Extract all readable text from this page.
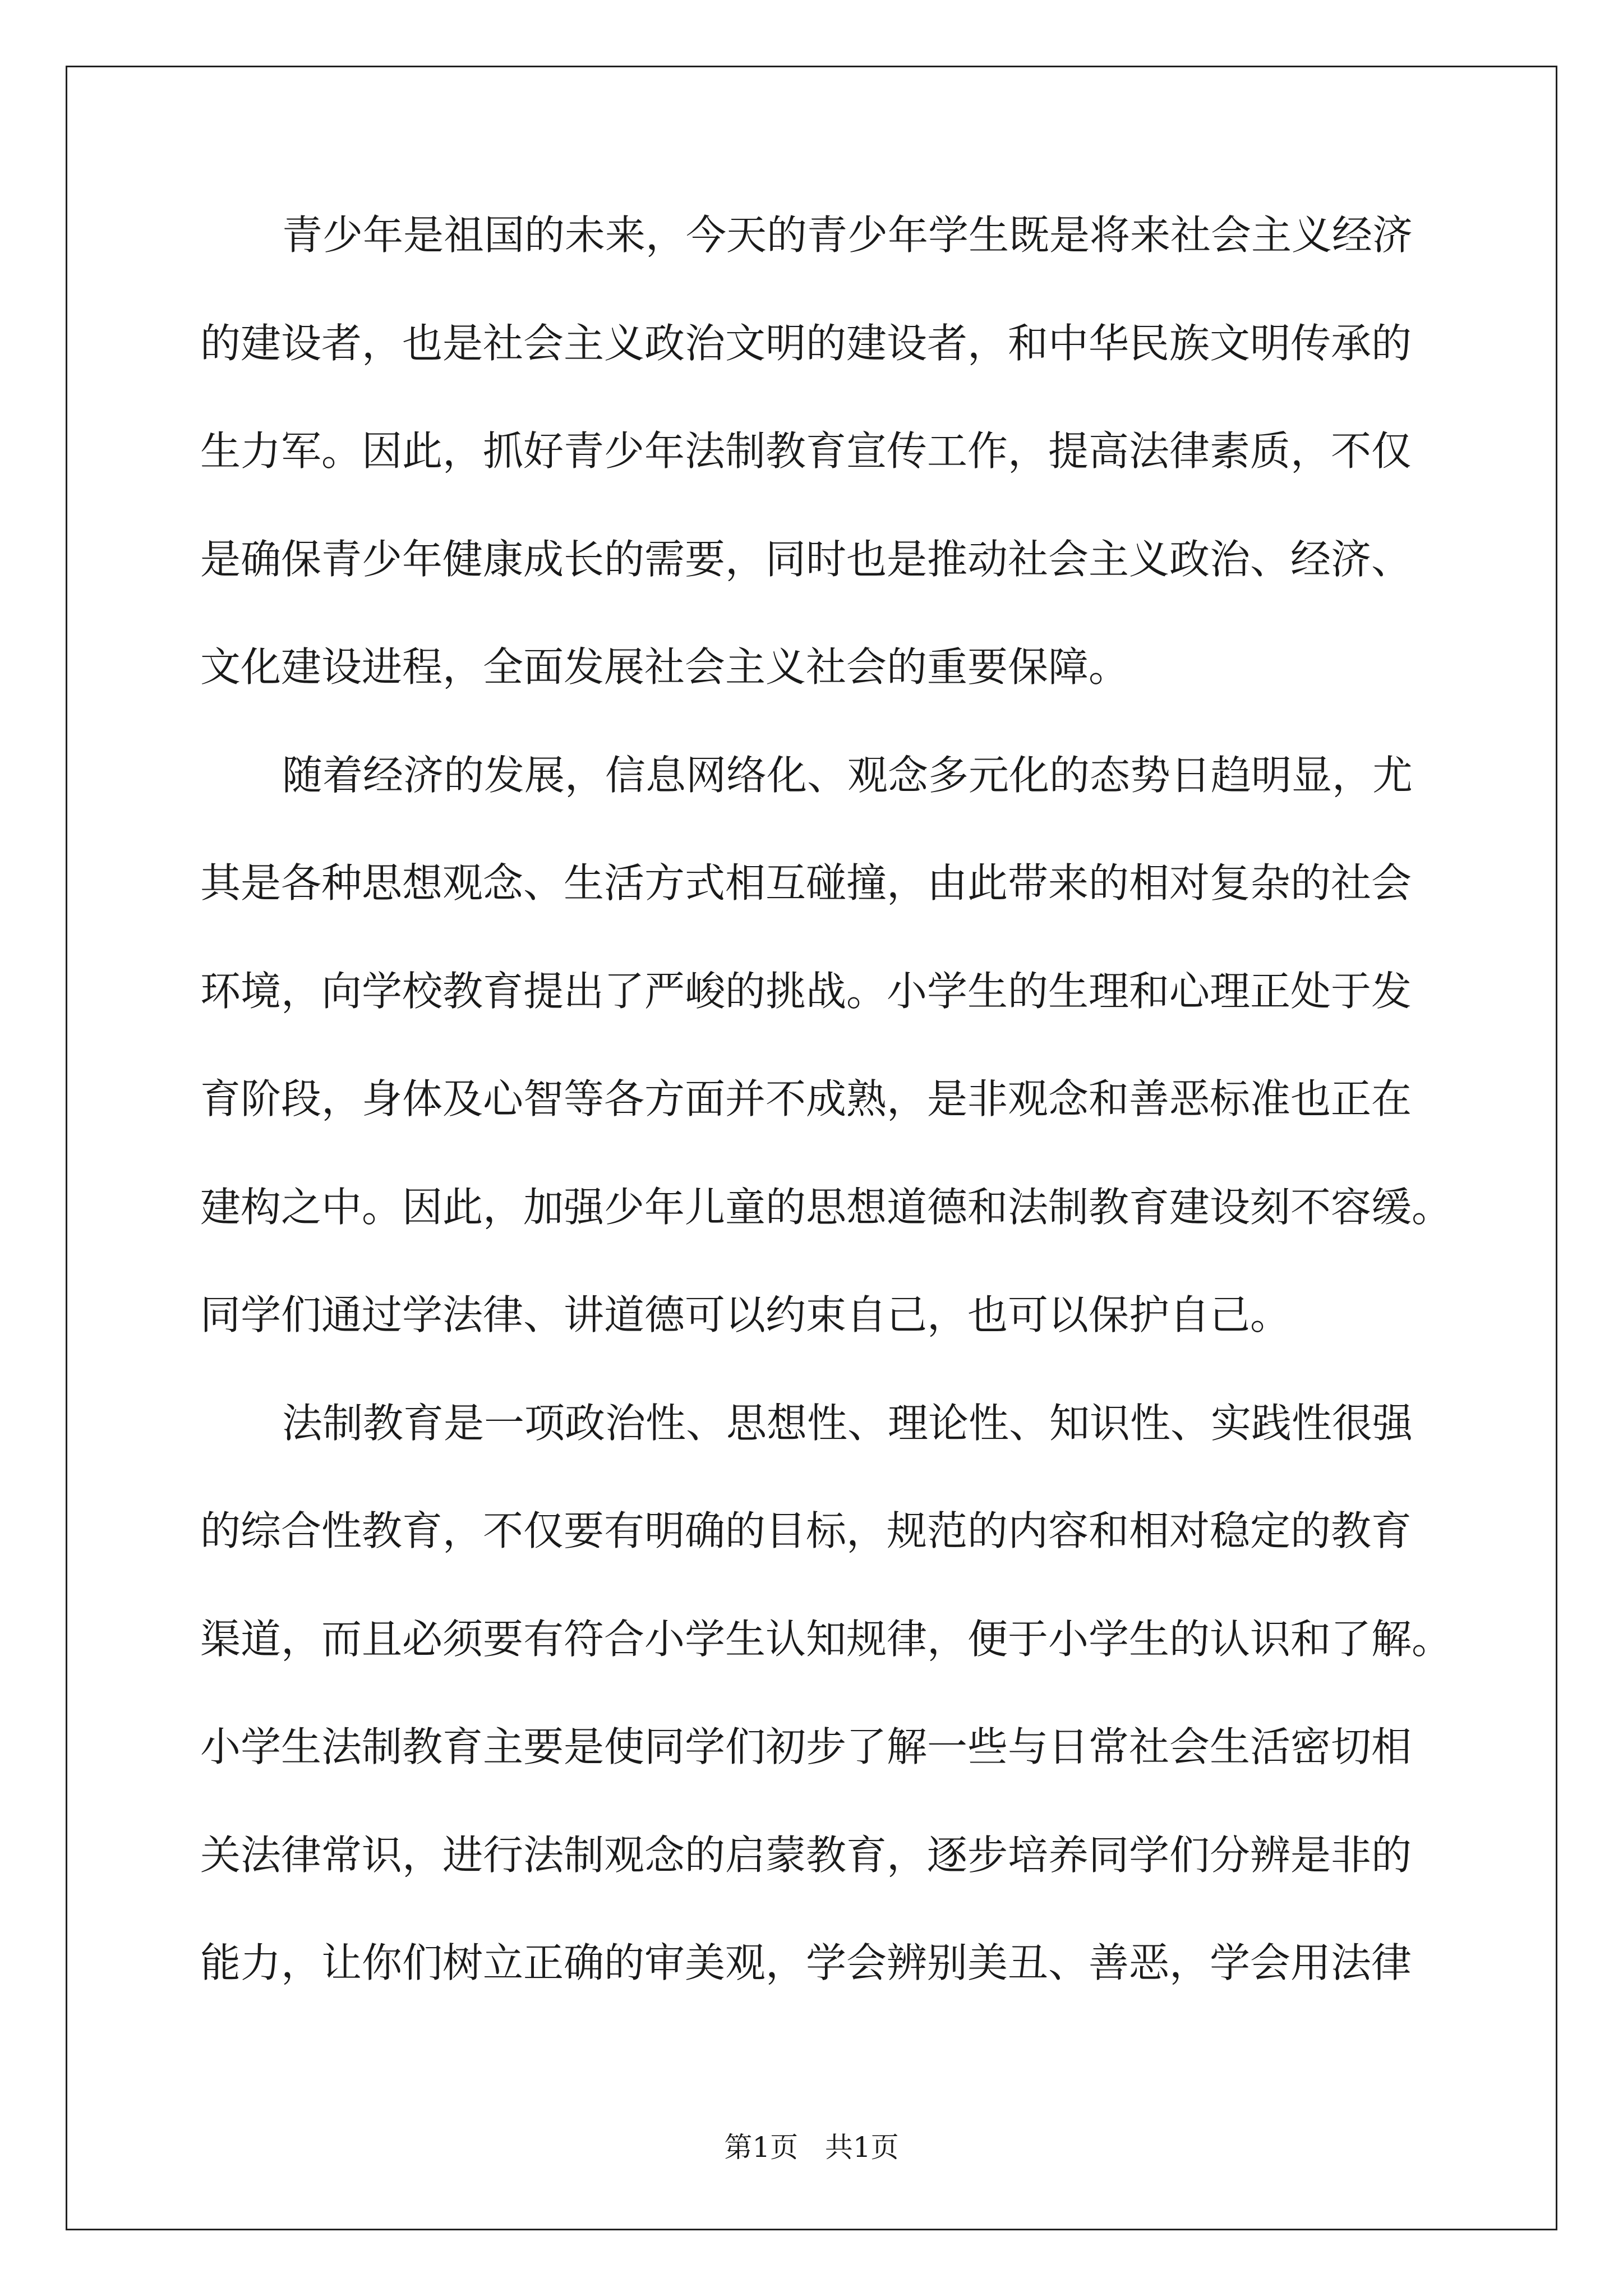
青少年是祖国的未来，今天的青少年学生既是将来社会主义经济
的建设者，也是社会主义政治文明的建设者，和中华民族文明传承的
生力军。因此，抓好青少年法制教育宣传工作，提高法律素质，不仅
是确保青少年健康成长的需要，同时也是推动社会主义政治、经济、
文化建设进程，全面发展社会主义社会的重要保障。
随着经济的发展，信息网络化、观念多元化的态势日趋明显，尤
其是各种思想观念、生活方式相互碰撞，由此带来的相对复杂的社会
环境，向学校教育提出了严峻的挑战。小学生的生理和心理正处于发
育阶段，身体及心智等各方面并不成熟，是非观念和善恶标准也正在
建构之中。因此，加强少年儿童的思想道德和法制教育建设刻不容缓。
同学们通过学法律、讲道德可以约束自己，也可以保护自己。
法制教育是一项政治性、思想性、理论性、知识性、实践性很强
的综合性教育，不仅要有明确的目标，规范的内容和相对稳定的教育
渠道，而且必须要有符合小学生认知规律，便于小学生的认识和了解。
小学生法制教育主要是使同学们初步了解一些与日常社会生活密切相
关法律常识，进行法制观念的启蒙教育，逐步培养同学们分辨是非的
能力，让你们树立正确的审美观，学会辨别美丑、善恶，学会用法律
第1页   共1页
